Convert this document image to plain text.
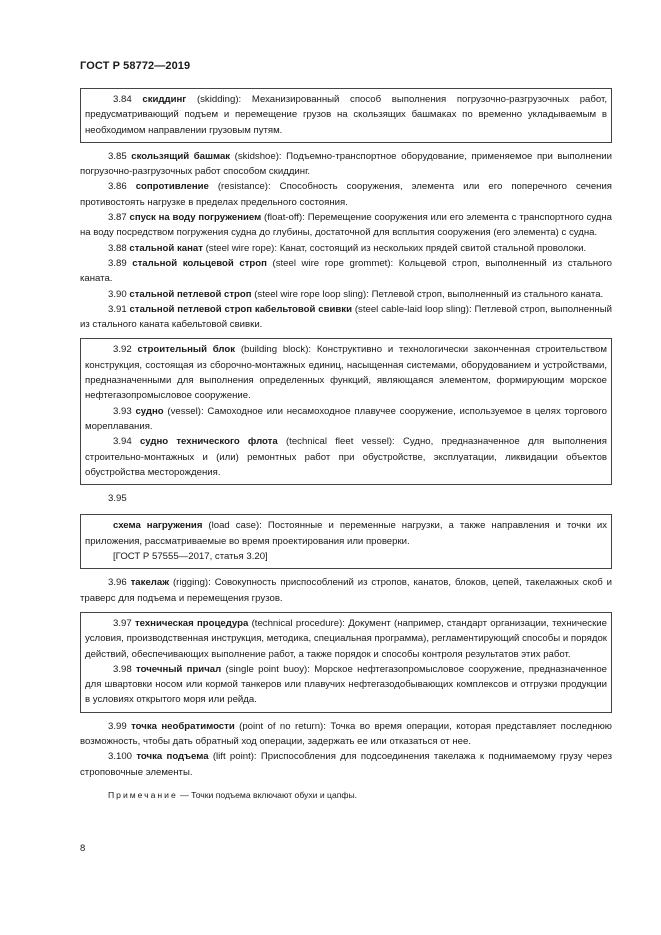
ГОСТ Р 58772—2019

3.84 скиддинг (skidding): Механизированный способ выполнения погрузочно-разгрузочных работ, предусматривающий подъем и перемещение грузов на скользящих башмаках по временно укладываемым в необходимом направлении грузовым путям.

3.85 скользящий башмак (skidshoe): Подъемно-транспортное оборудование, применяемое при выполнении погрузочно-разгрузочных работ способом скиддинг.

3.86 сопротивление (resistance): Способность сооружения, элемента или его поперечного сечения противостоять нагрузке в пределах предельного состояния.

3.87 спуск на воду погружением (float-off): Перемещение сооружения или его элемента с транспортного судна на воду посредством погружения судна до глубины, достаточной для всплытия сооружения (его элемента) с судна.

3.88 стальной канат (steel wire rope): Канат, состоящий из нескольких прядей свитой стальной проволоки.

3.89 стальной кольцевой строп (steel wire rope grommet): Кольцевой строп, выполненный из стального каната.

3.90 стальной петлевой строп (steel wire rope loop sling): Петлевой строп, выполненный из стального каната.

3.91 стальной петлевой строп кабельтовой свивки (steel cable-laid loop sling): Петлевой строп, выполненный из стального каната кабельтовой свивки.

3.92 строительный блок (building block): Конструктивно и технологически законченная строительством конструкция, состоящая из сборочно-монтажных единиц, насыщенная системами, оборудованием и устройствами, предназначенными для выполнения определенных функций, являющаяся элементом, формирующим морское нефтегазопромысловое сооружение.

3.93 судно (vessel): Самоходное или несамоходное плавучее сооружение, используемое в целях торгового мореплавания.

3.94 судно технического флота (technical fleet vessel): Судно, предназначенное для выполнения строительно-монтажных и (или) ремонтных работ при обустройстве, эксплуатации, ликвидации объектов обустройства месторождения.

3.95

схема нагружения (load case): Постоянные и переменные нагрузки, а также направления и точки их приложения, рассматриваемые во время проектирования или проверки.

[ГОСТ Р 57555—2017, статья 3.20]

3.96 такелаж (rigging): Совокупность приспособлений из стропов, канатов, блоков, цепей, такелажных скоб и траверс для подъема и перемещения грузов.

3.97 техническая процедура (technical procedure): Документ (например, стандарт организации, технические условия, производственная инструкция, методика, специальная программа), регламентирующий способы и порядок действий, обеспечивающих выполнение работ, а также порядок и способы контроля результатов этих работ.

3.98 точечный причал (single point buoy): Морское нефтегазопромысловое сооружение, предназначенное для швартовки носом или кормой танкеров или плавучих нефтегазодобывающих комплексов и отгрузки продукции в условиях открытого моря или рейда.

3.99 точка необратимости (point of no return): Точка во время операции, которая представляет последнюю возможность, чтобы дать обратный ход операции, задержать ее или отказаться от нее.

3.100 точка подъема (lift point): Приспособления для подсоединения такелажа к поднимаемому грузу через строповочные элементы.

Примечание — Точки подъема включают обухи и цапфы.

8
